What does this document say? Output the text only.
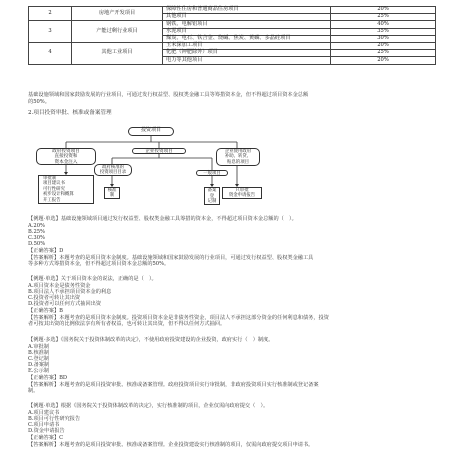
2	房地产开发项目	保障性住房和普通商品住房项目	20%
		其他项目	25%
3	产能过剩行业项目	钢铁、电解铝项目	40%
		水泥项目	35%
		煤炭、电石、铁合金、烧碱、焦炭、黄磷、多晶硅项目	30%
4	其他工业项目	玉米深加工项目	20%
		化肥（钾肥除外）项目	25%
		电力等其他项目	20%
基础设施领域和国家鼓励发展的行业项目，可通过发行权益型、股权类金融工具等筹措资本金，但不得超过项目资本金总额
的50%。
2.项目投资审批、核准或备案管理
投资项目
政府投资项目
直接投资和
资本金注入
企业投资项目	企业使用政府
补助、转贷、
贴息的项目
审批制
项目建议书
可行性研究
初步设计和概算
开工报告
政府核准的
投资项目目录	一般项目
核准
制
备案
登
记制
只审批
资金申请报告
【例题·单选】基础设施领域项目通过发行权益型、股权类金融工具筹措的资本金，不得超过项目资本金总额的（　）。
A.20%
B.25%
C.30%
D.50%
【正确答案】D
【答案解析】本题考查的是项目资本金制度。基础设施领域和国家鼓励发展的行业项目，可通过发行权益型、股权类金融工具
等多种方式筹措资本金，但不得超过项目资本金总额的50%。
【例题·单选】关于项目资本金的说法，正确的是（　）。
A.项目资本金是债务性资金
B.项目法人不承担项目资本金的利息
C.投资者可转让其出资
D.投资者可以任何方式抽回出资
【正确答案】B
【答案解析】本题考查的是项目资本金制度。投资项目资本金是非债务性资金，项目法人不承担这部分资金的任何利息和债务，投资
者可按其出资的比例依法享有所有者权益，也可转让其出资，但不得以任何方式抽回。
【例题·多选】《国务院关于投资体制改革的决定》，不使用政府投资建设的企业投资，政府实行（　）制度。
A.审批制
B.核准制
C.登记制
D.备案制
E.公示制
【正确答案】BD
【答案解析】本题考查的是项目投资审批、核准或备案管理。政府投资项目实行审批制，非政府投资项目实行核准制或登记备案
制。
【例题·单选】根据《国务院关于投资体制改革的决定》，实行核准制的项目，企业仅需向政府提交（　）。
A.项目建议书
B.项目可行性研究报告
C.项目申请书
D.资金申请报告
【正确答案】C
【答案解析】本题考查的是项目投资审批、核准或备案管理。企业投资建设实行核准制的项目，仅需向政府提交项目申请书。
